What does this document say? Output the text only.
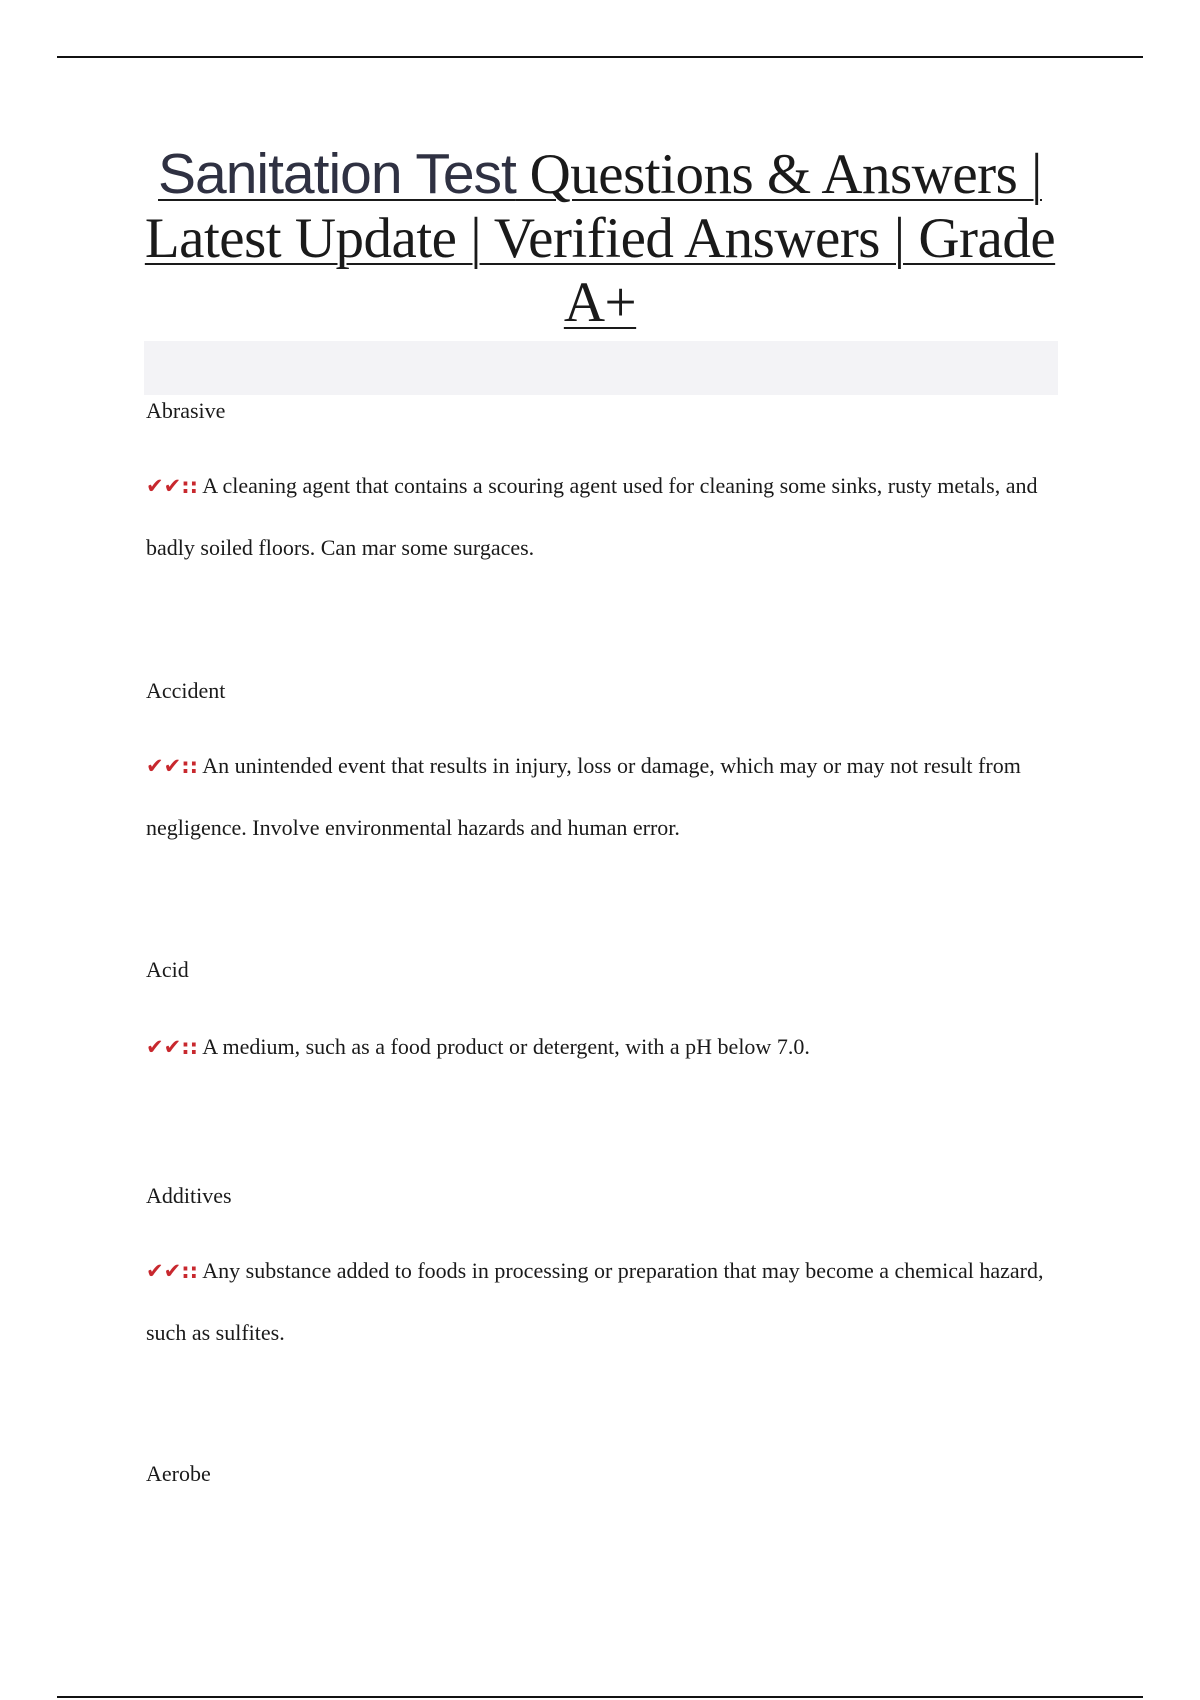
Sanitation Test Questions & Answers |
Latest Update | Verified Answers | Grade
A+

Abrasive

✔✔:: A cleaning agent that contains a scouring agent used for cleaning some sinks, rusty metals, and badly soiled floors. Can mar some surgaces.

Accident

✔✔:: An unintended event that results in injury, loss or damage, which may or may not result from negligence. Involve environmental hazards and human error.

Acid

✔✔:: A medium, such as a food product or detergent, with a pH below 7.0.

Additives

✔✔:: Any substance added to foods in processing or preparation that may become a chemical hazard, such as sulfites.

Aerobe
